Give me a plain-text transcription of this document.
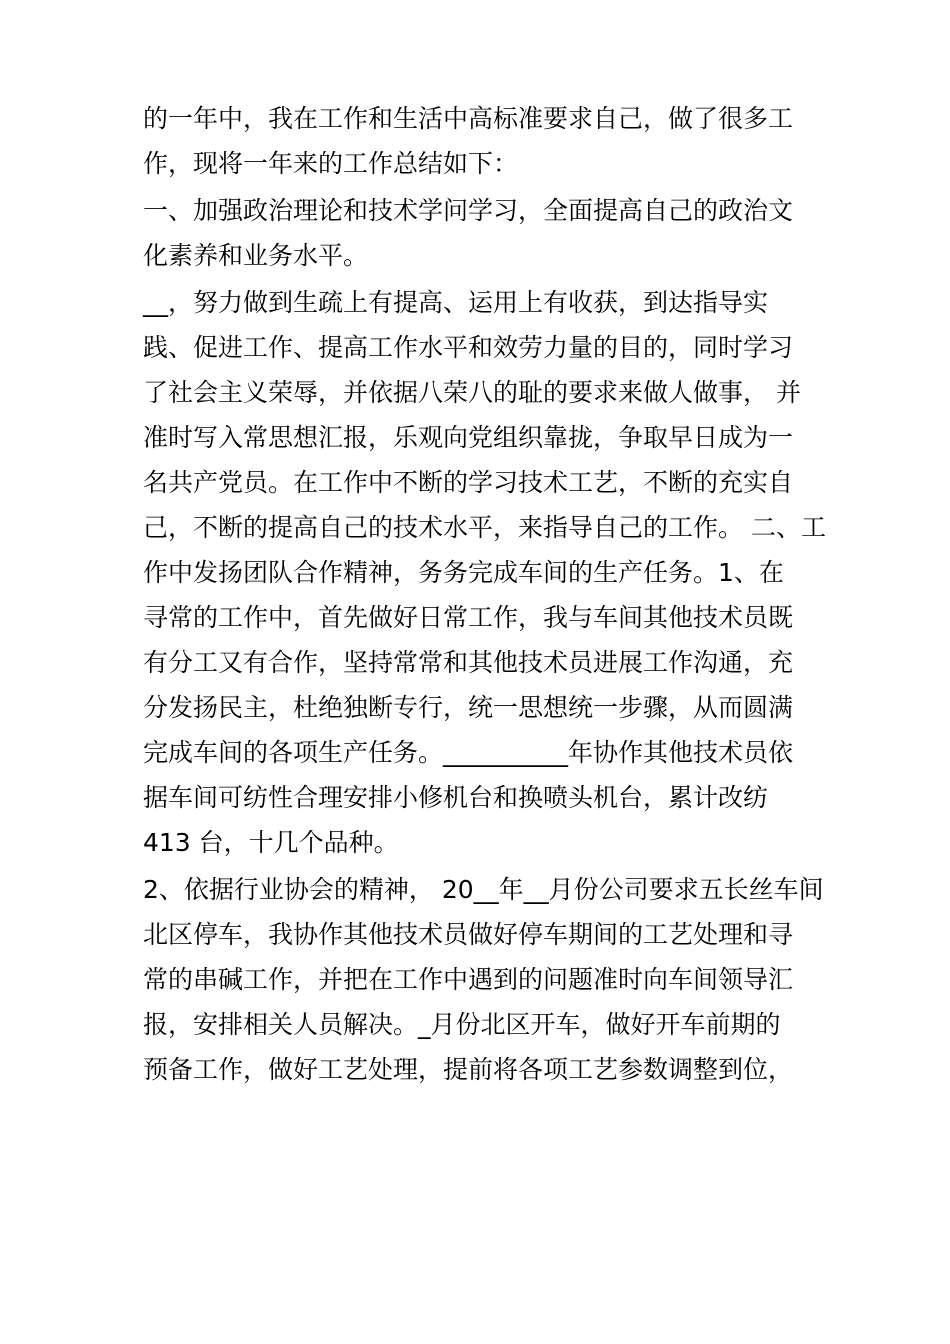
的一年中，我在工作和生活中高标准要求自己，做了很多工
作，现将一年来的工作总结如下：
一、加强政治理论和技术学问学习，全面提高自己的政治文
化素养和业务水平。
__，努力做到生疏上有提高、运用上有收获，到达指导实
践、促进工作、提高工作水平和效劳力量的目的，同时学习
了社会主义荣辱，并依据八荣八的耻的要求来做人做事， 并
准时写入常思想汇报，乐观向党组织靠拢，争取早日成为一
名共产党员。在工作中不断的学习技术工艺，不断的充实自
己，不断的提高自己的技术水平，来指导自己的工作。 二、工
作中发扬团队合作精神，务务完成车间的生产任务。1、在
寻常的工作中，首先做好日常工作，我与车间其他技术员既
有分工又有合作，坚持常常和其他技术员进展工作沟通，充
分发扬民主，杜绝独断专行，统一思想统一步骤，从而圆满
完成车间的各项生产任务。__________年协作其他技术员依
据车间可纺性合理安排小修机台和换喷头机台，累计改纺
413 台，十几个品种。
2、依据行业协会的精神， 20__年__月份公司要求五长丝车间
北区停车，我协作其他技术员做好停车期间的工艺处理和寻
常的串碱工作，并把在工作中遇到的问题准时向车间领导汇
报，安排相关人员解决。_月份北区开车，做好开车前期的
预备工作，做好工艺处理，提前将各项工艺参数调整到位，
